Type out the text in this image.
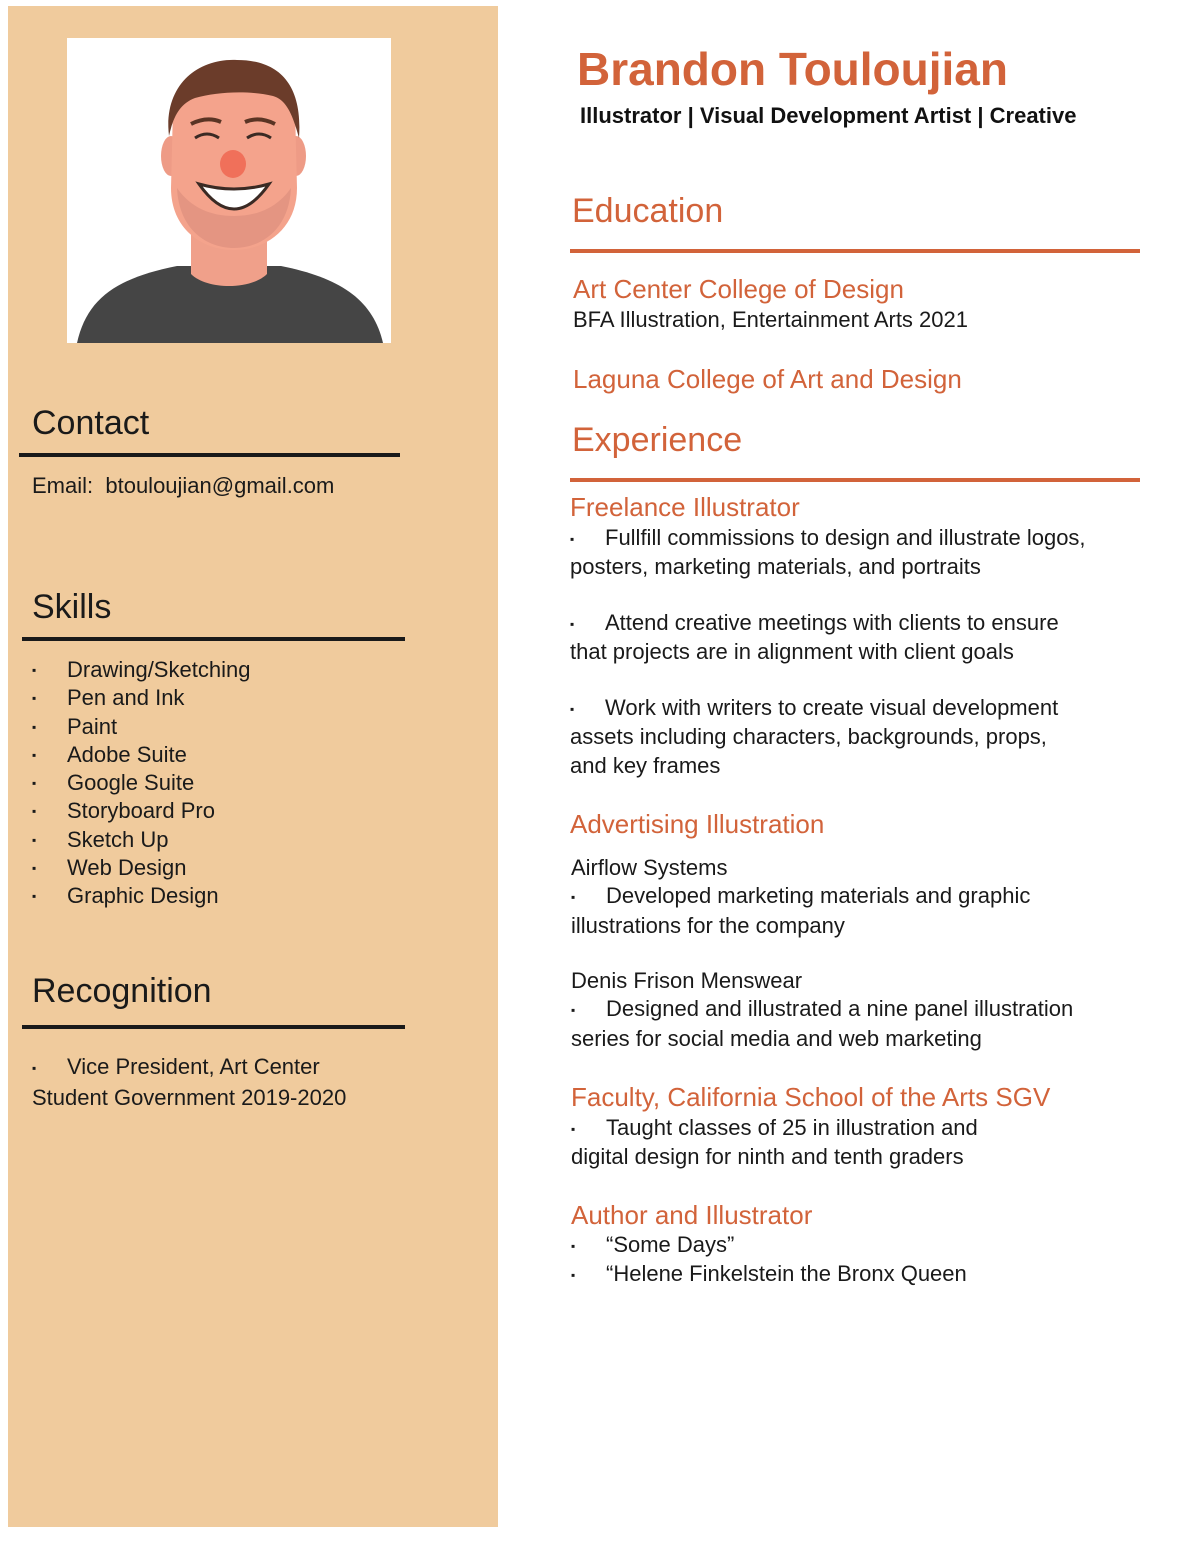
Contact
Email: btouloujian@gmail.com
Skills
▪ Drawing/Sketching
▪ Pen and Ink
▪ Paint
▪ Adobe Suite
▪ Google Suite
▪ Storyboard Pro
▪ Sketch Up
▪ Web Design
▪ Graphic Design
Recognition
▪ Vice President, Art Center
Student Government 2019-2020
Brandon Touloujian
Illustrator | Visual Development Artist | Creative
Education
Art Center College of Design
BFA Illustration, Entertainment Arts 2021
Laguna College of Art and Design
Experience
Freelance Illustrator
▪ Fullfill commissions to design and illustrate logos,
posters, marketing materials, and portraits
▪ Attend creative meetings with clients to ensure
that projects are in alignment with client goals
▪ Work with writers to create visual development
assets including characters, backgrounds, props,
and key frames
Advertising Illustration
Airflow Systems
▪ Developed marketing materials and graphic
illustrations for the company
Denis Frison Menswear
▪ Designed and illustrated a nine panel illustration
series for social media and web marketing
Faculty, California School of the Arts SGV
▪ Taught classes of 25 in illustration and
digital design for ninth and tenth graders
Author and Illustrator
▪ “Some Days”
▪ “Helene Finkelstein the Bronx Queen
